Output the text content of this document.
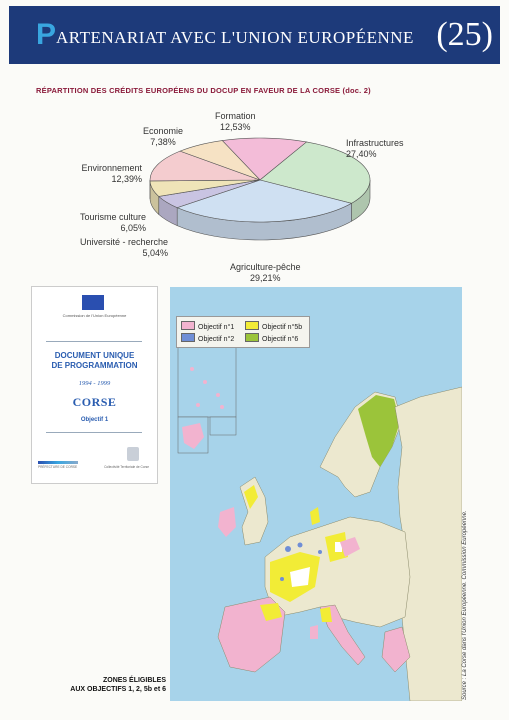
P ARTENARIAT AVEC L'UNION EUROPÉENNE (25)
RÉPARTITION DES CRÉDITS EUROPÉENS DU DOCUP EN FAVEUR DE LA CORSE (doc. 2)
Formation
12,53%
Infrastructures
27,40%
Agriculture-pêche
29,21%
Université - recherche
5,04%
Tourisme culture
6,05%
Environnement
12,39%
Economie
7,38%
Commission de l'Union Européenne
DOCUMENT UNIQUE
DE PROGRAMMATION
1994 - 1999
CORSE
Objectif 1
PRÉFECTURE DE CORSE	Collectivité Territoriale de Corse
Objectif n°1	Objectif n°5b
Objectif n°2	Objectif n°6
ZONES ÉLIGIBLES
AUX OBJECTIFS 1, 2, 5b et 6	Source : La Corse dans l'Union Européenne. Commission Européenne.
